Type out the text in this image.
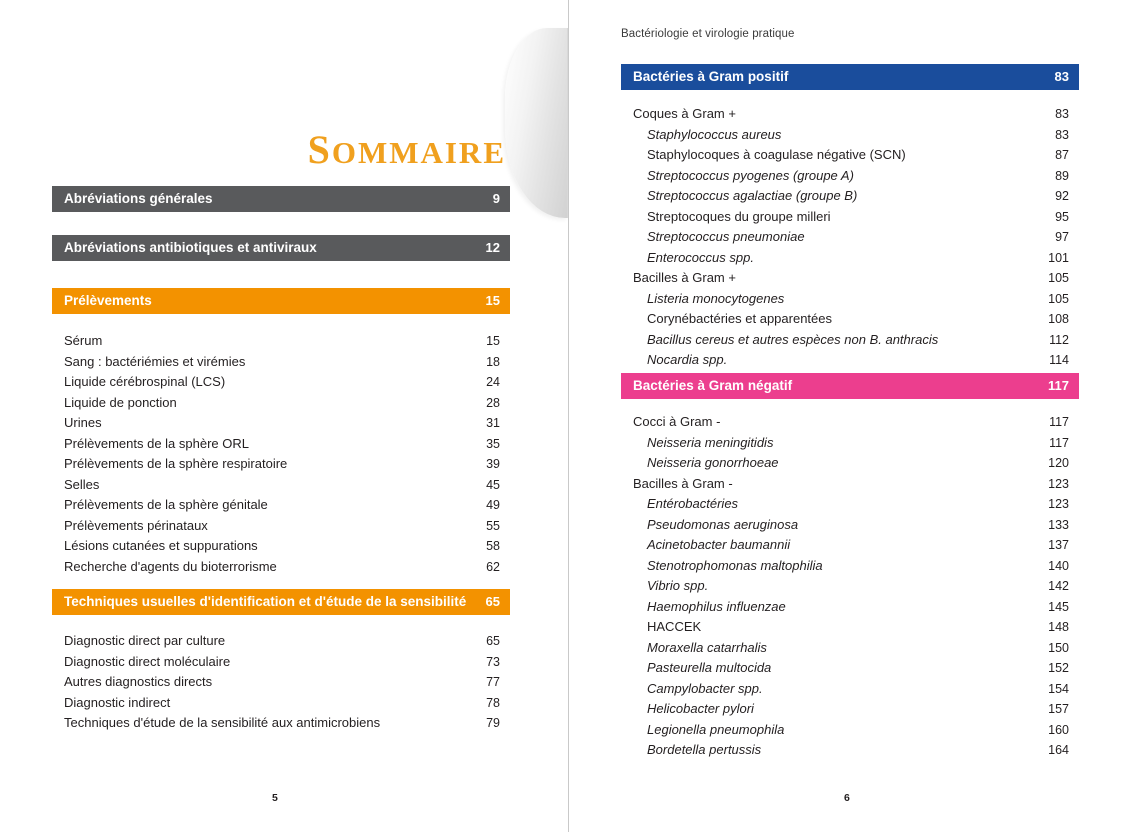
SOMMAIRE
Abréviations générales	9
Abréviations antibiotiques et antiviraux	12
Prélèvements	15
Sérum	15
Sang : bactériémies et virémies	18
Liquide cérébrospinal (LCS)	24
Liquide de ponction	28
Urines	31
Prélèvements de la sphère ORL	35
Prélèvements de la sphère respiratoire	39
Selles	45
Prélèvements de la sphère génitale	49
Prélèvements périnataux	55
Lésions cutanées et suppurations	58
Recherche d'agents du bioterrorisme	62
Techniques usuelles d'identification et d'étude de la sensibilité 65
Diagnostic direct par culture	65
Diagnostic direct moléculaire	73
Autres diagnostics directs	77
Diagnostic indirect	78
Techniques d'étude de la sensibilité aux antimicrobiens	79
5
Bactériologie et virologie pratique
Bactéries à Gram positif	83
Coques à Gram +	83
Staphylococcus aureus	83
Staphylocoques à coagulase négative (SCN)	87
Streptococcus pyogenes (groupe A)	89
Streptococcus agalactiae (groupe B)	92
Streptocoques du groupe milleri	95
Streptococcus pneumoniae	97
Enterococcus spp.	101
Bacilles à Gram +	105
Listeria monocytogenes	105
Corynébactéries et apparentées	108
Bacillus cereus et autres espèces non B. anthracis	112
Nocardia spp.	114
Bactéries à Gram négatif	117
Cocci à Gram -	117
Neisseria meningitidis	117
Neisseria gonorrhoeae	120
Bacilles à Gram -	123
Entérobactéries	123
Pseudomonas aeruginosa	133
Acinetobacter baumannii	137
Stenotrophomonas maltophilia	140
Vibrio spp.	142
Haemophilus influenzae	145
HACCEK	148
Moraxella catarrhalis	150
Pasteurella multocida	152
Campylobacter spp.	154
Helicobacter pylori	157
Legionella pneumophila	160
Bordetella pertussis	164
6
